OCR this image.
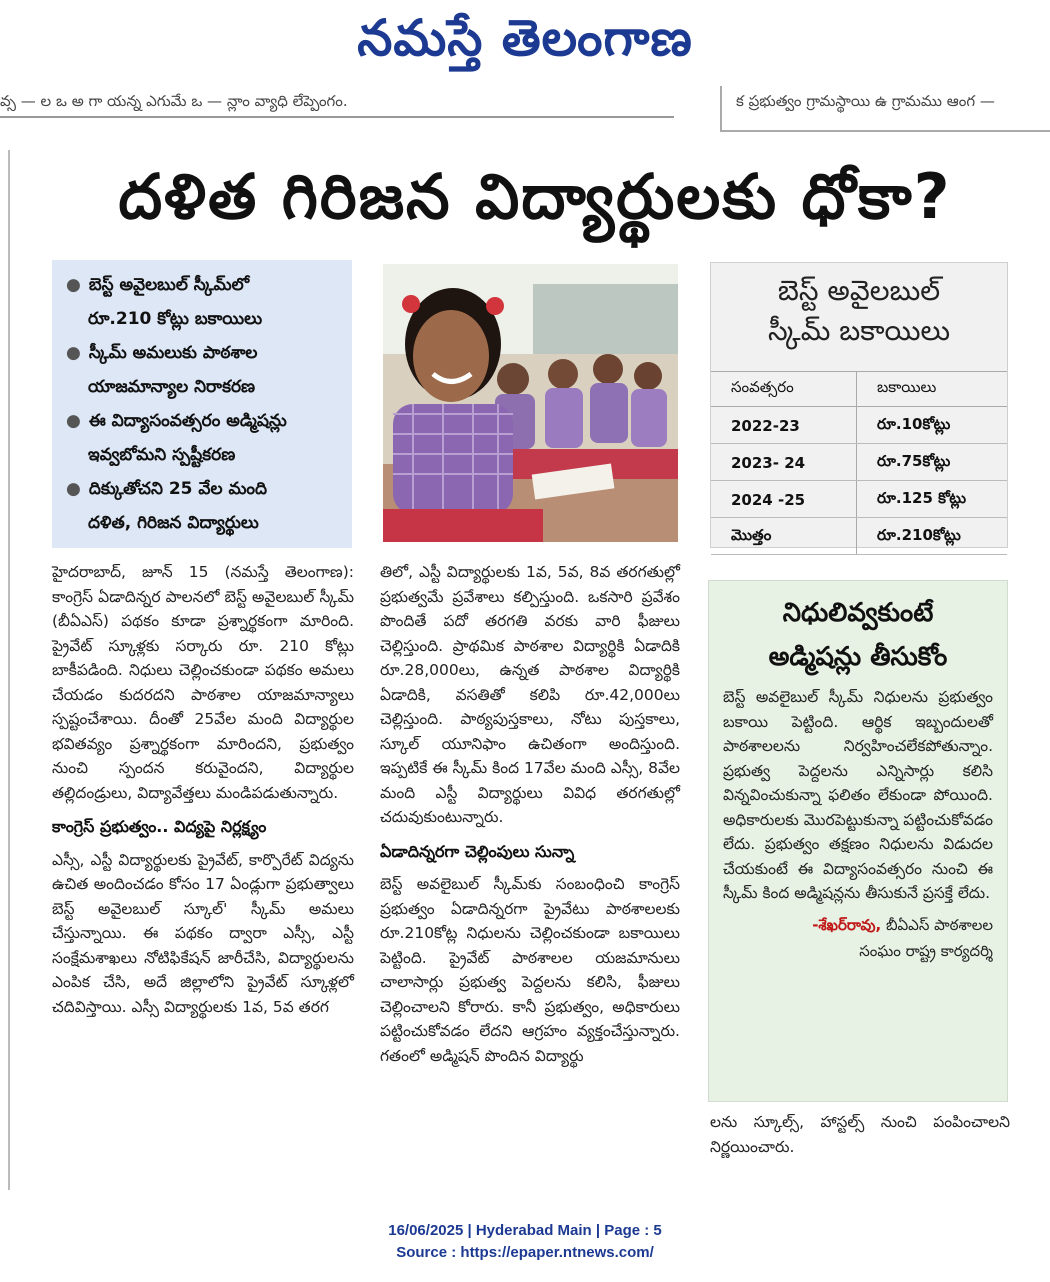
నమస్తే తెలంగాణ
వ్స — ల ఒ అ గా యన్న ఎగుమే ఒ — న్లాం వ్యాధి లేప్పెంగం.	క ప్రభుత్వం గ్రామస్థాయి ఉ గ్రామము ఆంగ —
దళిత గిరిజన విద్యార్థులకు ధోకా?
● బెస్ట్ అవైలబుల్ స్కీమ్‌లో
రూ.210 కోట్లు బకాయిలు
● స్కీమ్ అమలుకు పాఠశాల
యాజమాన్యాల నిరాకరణ
● ఈ విద్యాసంవత్సరం అడ్మిషన్లు
ఇవ్వబోమని స్పష్టీకరణ
● దిక్కుతోచని 25 వేల మంది
దళిత, గిరిజన విద్యార్థులు
బెస్ట్ అవైలబుల్
స్కీమ్ బకాయిలు
సంవత్సరం	బకాయిలు
2022-23	రూ.10కోట్లు
2023- 24	రూ.75కోట్లు
2024 -25	రూ.125 కోట్లు
మొత్తం	రూ.210కోట్లు
హైదరాబాద్, జూన్ 15 (నమస్తే తెలంగాణ): కాంగ్రెస్ ఏడాదిన్నర పాలనలో బెస్ట్ అవైలబుల్ స్కీమ్ (బీఏఎస్) పథకం కూడా ప్రశ్నార్థకంగా మారింది. ప్రైవేట్ స్కూళ్లకు సర్కారు రూ. 210 కోట్లు బాకీపడింది. నిధులు చెల్లించకుండా పథకం అమలు చేయడం కుదరదని పాఠశాల యాజమాన్యాలు స్పష్టంచేశాయి. దీంతో 25వేల మంది విద్యార్థుల భవితవ్యం ప్రశ్నార్థకంగా మారిందని, ప్రభుత్వం నుంచి స్పందన కరువైందని, విద్యార్థుల తల్లిదండ్రులు, విద్యావేత్తలు మండిపడుతున్నారు.
కాంగ్రెస్ ప్రభుత్వం.. విద్యపై నిర్లక్ష్యం
ఎస్సీ, ఎస్టీ విద్యార్థులకు ప్రైవేట్, కార్పొరేట్ విద్యను ఉచిత అందించడం కోసం 17 ఏండ్లుగా ప్రభుత్వాలు బెస్ట్ అవైలబుల్ స్కూల్' స్కీమ్ అమలు చేస్తున్నాయి. ఈ పథకం ద్వారా ఎస్సీ, ఎస్టీ సంక్షేమశాఖలు నోటిఫికేషన్ జారీచేసి, విద్యార్థులను ఎంపిక చేసి, అదే జిల్లాలోని ప్రైవేట్ స్కూళ్లలో చదివిస్తాయి. ఎస్సీ విద్యార్థులకు 1వ, 5వ తరగ
తిలో, ఎస్టీ విద్యార్థులకు 1వ, 5వ, 8వ తరగతుల్లో ప్రభుత్వమే ప్రవేశాలు కల్పిస్తుంది. ఒకసారి ప్రవేశం పొందితే పదో తరగతి వరకు వారి ఫీజులు చెల్లిస్తుంది. ప్రాథమిక పాఠశాల విద్యార్థికి ఏడాదికి రూ.28,000లు, ఉన్నత పాఠశాల విద్యార్థికి ఏడాదికి, వసతితో కలిపి రూ.42,000లు చెల్లిస్తుంది. పాఠ్యపుస్తకాలు, నోటు పుస్తకాలు, స్కూల్ యూనిఫాం ఉచితంగా అందిస్తుంది. ఇప్పటికే ఈ స్కీమ్ కింద 17వేల మంది ఎస్సీ, 8వేల మంది ఎస్టీ విద్యార్థులు వివిధ తరగతుల్లో చదువుకుంటున్నారు.
ఏడాదిన్నరగా చెల్లింపులు సున్నా
బెస్ట్ అవలైబుల్ స్కీమ్‌కు సంబంధించి కాంగ్రెస్ ప్రభుత్వం ఏడాదిన్నరగా ప్రైవేటు పాఠశాలలకు రూ.210కోట్ల నిధులను చెల్లించకుండా బకాయిలు పెట్టింది. ప్రైవేట్ పాఠశాలల యజమానులు చాలాసార్లు ప్రభుత్వ పెద్దలను కలిసి, ఫీజులు చెల్లించాలని కోరారు. కానీ ప్రభుత్వం, అధికారులు పట్టించుకోవడం లేదని ఆగ్రహం వ్యక్తంచేస్తున్నారు. గతంలో అడ్మిషన్ పొందిన విద్యార్థు
నిధులివ్వకుంటే
అడ్మిషన్లు తీసుకోం
బెస్ట్ అవలైబుల్ స్కీమ్ నిధులను ప్రభుత్వం బకాయి పెట్టింది. ఆర్థిక ఇబ్బందులతో పాఠశాలలను నిర్వహించలేకపోతున్నాం. ప్రభుత్వ పెద్దలను ఎన్నిసార్లు కలిసి విన్నవించుకున్నా ఫలితం లేకుండా పోయింది. అధికారులకు మొరపెట్టుకున్నా పట్టించుకోవడం లేదు. ప్రభుత్వం తక్షణం నిధులను విడుదల చేయకుంటే ఈ విద్యాసంవత్సరం నుంచి ఈ స్కీమ్ కింద అడ్మిషన్లను తీసుకునే ప్రసక్తే లేదు.
-శేఖర్‌రావు, బీఏఎస్ పాఠశాలల
సంఘం రాష్ట్ర కార్యదర్శి
లను స్కూల్స్, హాస్టల్స్ నుంచి పంపించాలని నిర్ణయించారు.
16/06/2025 | Hyderabad Main | Page : 5
Source : https://epaper.ntnews.com/
